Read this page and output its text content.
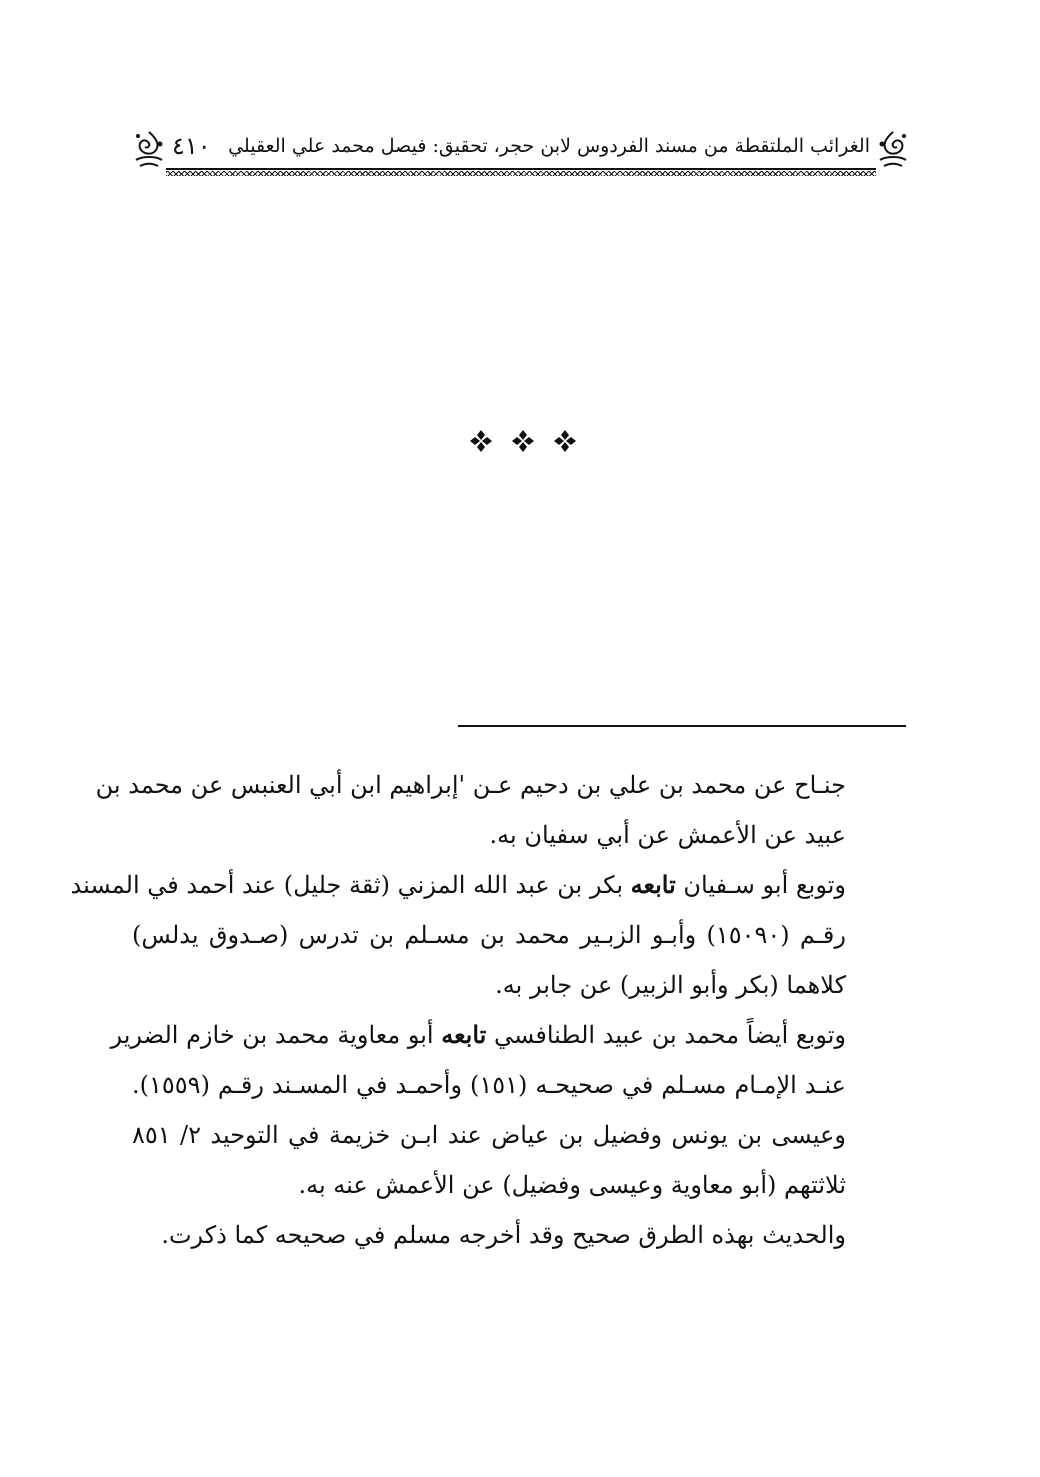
الغرائب الملتقطة من مسند الفردوس لابن حجر، تحقيق: فيصل محمد علي العقيلي
٤١٠
جنـاح عن محمد بن علي بن دحيم عـن 'إبراهيم ابن أبي العنبس عن محمد بن
عبيد عن الأعمش عن أبي سفيان به.
وتوبع أبو سـفيان تابعه بكر بن عبد الله المزني (ثقة جليل) عند أحمد في المسند
رقـم (١٥٠٩٠) وأبـو الزبـير محمد بن مسـلم بن تدرس (صـدوق يدلس)
كلاهما (بكر وأبو الزبير) عن جابر به.
وتوبع أيضاً محمد بن عبيد الطنافسي تابعه أبو معاوية محمد بن خازم الضرير
عنـد الإمـام مسـلم في صحيحـه (١٥١) وأحمـد في المسـند رقـم (١٥٥٩).
وعيسى بن يونس وفضيل بن عياض عند ابـن خزيمة في التوحيد ٢/ ٨٥١
ثلاثتهم (أبو معاوية وعيسى وفضيل) عن الأعمش عنه به.
والحديث بهذه الطرق صحيح وقد أخرجه مسلم في صحيحه كما ذكرت.
